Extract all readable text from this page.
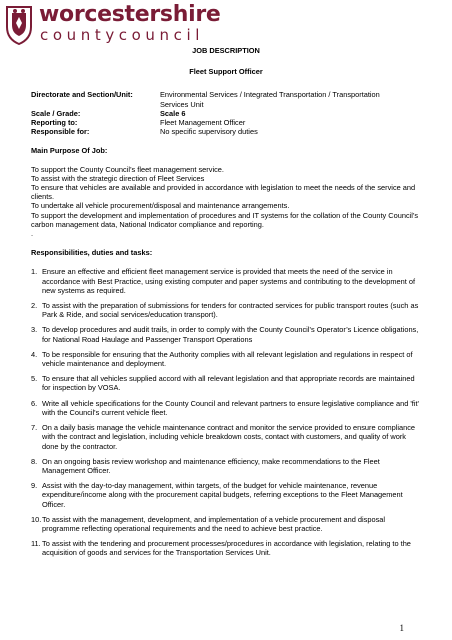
worcestershire
countycouncil

JOB DESCRIPTION

Fleet Support Officer

Directorate and Section/Unit:	Environmental Services / Integrated Transportation / Transportation
Services Unit
Scale / Grade:	Scale 6
Reporting to:	Fleet Management Officer
Responsible for:	No specific supervisory duties
Main Purpose Of Job:

To support the County Council’s fleet management service.

To assist with the strategic direction of Fleet Services

To ensure that vehicles are available and provided in accordance with legislation to meet the needs of the service and clients.

To undertake all vehicle procurement/disposal and maintenance arrangements.

To support the development and implementation of procedures and IT systems for the collation of the County Council’s carbon management data, National Indicator compliance and reporting.

.

Responsibilities, duties and tasks:
1. Ensure an effective and efficient fleet management service is provided that meets the need of the service in accordance with Best Practice, using existing computer and paper systems and contributing to the development of new systems as required.
2. To assist with the preparation of submissions for tenders for contracted services for public transport routes (such as Park & Ride, and social services/education transport).
3. To develop procedures and audit trails, in order to comply with the County Council’s Operator’s Licence obligations, for National Road Haulage and Passenger Transport Operations
4. To be responsible for ensuring that the Authority complies with all relevant legislation and regulations in respect of vehicle maintenance and deployment.
5. To ensure that all vehicles supplied accord with all relevant legislation and that appropriate records are maintained for inspection by VOSA.
6. Write all vehicle specifications for the County Council and relevant partners to ensure legislative compliance and 'fit' with the Council's current vehicle fleet.
7. On a daily basis manage the vehicle maintenance contract and monitor the service provided to ensure compliance with the contract and legislation, including vehicle breakdown costs, contact with customers, and quality of work done by the contractor.
8. On an ongoing basis review workshop and maintenance efficiency, make recommendations to the Fleet Management Officer.
9. Assist with the day-to-day management, within targets, of the budget for vehicle maintenance, revenue expenditure/income along with the procurement capital budgets, referring exceptions to the Fleet Management Officer.
10. To assist with the management, development, and implementation of a vehicle procurement and disposal programme reflecting operational requirements and the need to achieve best practice.
11. To assist with the tendering and procurement processes/procedures in accordance with legislation, relating to the acquisition of goods and services for the Transportation Services Unit.
1
